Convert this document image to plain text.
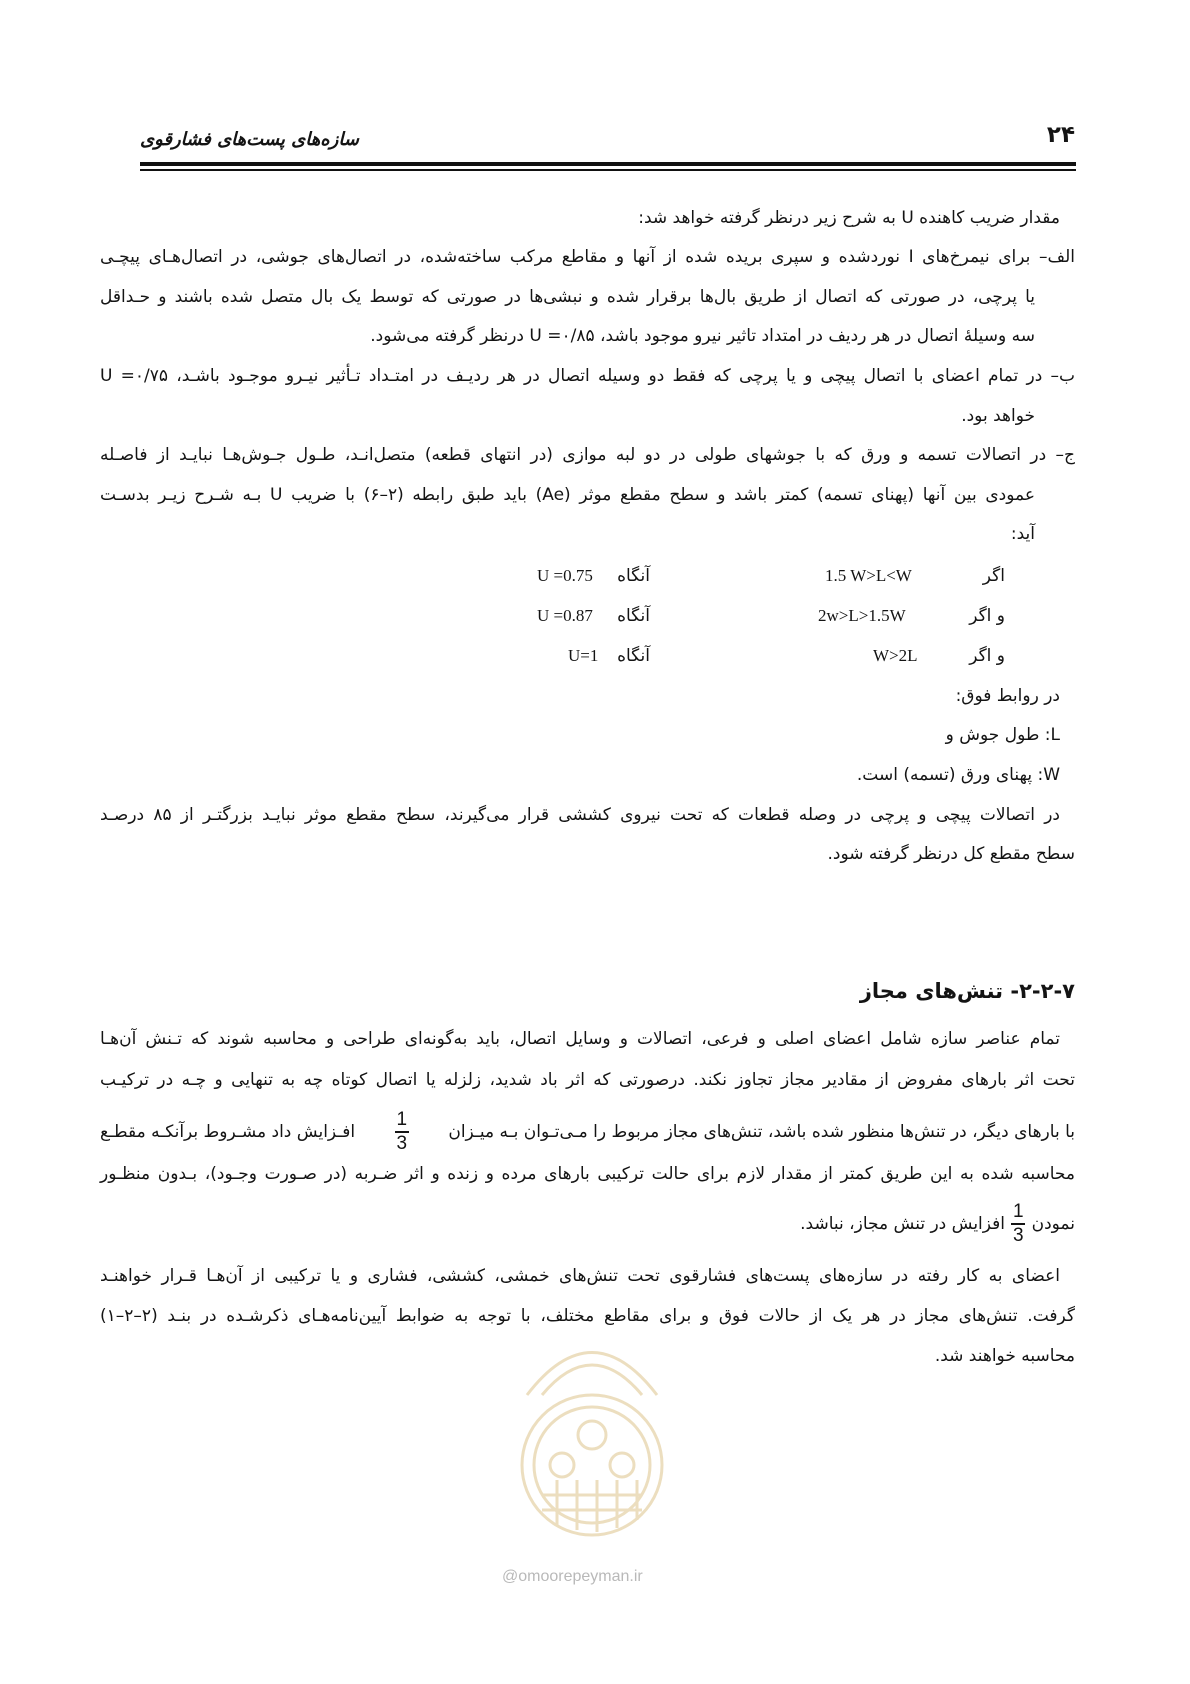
۲۴
سازه‌های پست‌های فشارقوی
مقدار ضریب کاهنده U به شرح زیر درنظر گرفته خواهد شد:
الف– برای نیمرخ‌های I نوردشده و سپری بریده شده از آنها و مقاطع مرکب ساخته‌شده، در اتصال‌های جوشی، در اتصال‌هـای پیچـی
یا پرچی، در صورتی که اتصال از طریق بال‌ها برقرار شده و نبشی‌ها در صورتی که توسط یک بال متصل شده باشند و حـداقل
سه وسیلهٔ اتصال در هر ردیف در امتداد تاثیر نیرو موجود باشد، U =۰/۸۵ درنظر گرفته می‌شود.
ب– در تمام اعضای با اتصال پیچی و یا پرچی که فقط دو وسیله اتصال در هر ردیـف در امتـداد تـأثیر نیـرو موجـود باشـد، U =۰/۷۵
خواهد بود.
ج– در اتصالات تسمه و ورق که با جوشهای طولی در دو لبه موازی (در انتهای قطعه) متصل‌انـد، طـول جـوش‌هـا نبایـد از فاصـله
عمودی بین آنها (پهنای تسمه) کمتر باشد و سطح مقطع موثر (Ae) باید طبق رابطه (۲–۶) با ضریب U بـه شـرح زیـر بدسـت
آید:
اگر
1.5 W>L<W
آنگاه
U =0.75
و اگر
2w>L>1.5W
آنگاه
U =0.87
و اگر
W>2L
آنگاه
U=1
در روابط فوق:
L: طول جوش و
W: پهنای ورق (تسمه) است.
در اتصالات پیچی و پرچی در وصله قطعات که تحت نیروی کششی قرار می‌گیرند، سطح مقطع موثر نبایـد بزرگتـر از ۸۵ درصـد
سطح مقطع کل درنظر گرفته شود.
۲-۲-۷- تنش‌های مجاز
تمام عناصر سازه شامل اعضای اصلی و فرعی، اتصالات و وسایل اتصال، باید به‌گونه‌ای طراحی و محاسبه شوند که تـنش آن‌هـا
تحت اثر بارهای مفروض از مقادیر مجاز تجاوز نکند. درصورتی که اثر باد شدید، زلزله یا اتصال کوتاه چه به تنهایی و چـه در ترکیـب
با بارهای دیگر، در تنش‌ها منظور شده باشد، تنش‌های مجاز مربوط را مـی‌تـوان بـه میـزان
$\frac{1}{3}$
افـزایش داد مشـروط برآنکـه مقطـع
محاسبه شده به این طریق کمتر از مقدار لازم برای حالت ترکیبی بارهای مرده و زنده و اثر ضـربه (در صـورت وجـود)، بـدون منظـور
نمودن
$\frac{1}{3}$
افزایش در تنش مجاز، نباشد.
اعضای به کار رفته در سازه‌های پست‌های فشارقوی تحت تنش‌های خمشی، کششی، فشاری و یا ترکیبی از آن‌هـا قـرار خواهنـد
گرفت. تنش‌های مجاز در هر یک از حالات فوق و برای مقاطع مختلف، با توجه به ضوابط آیین‌نامه‌هـای ذکرشـده در بنـد (۲–۲–۱)
محاسبه خواهند شد.
@omoorepeyman.ir
